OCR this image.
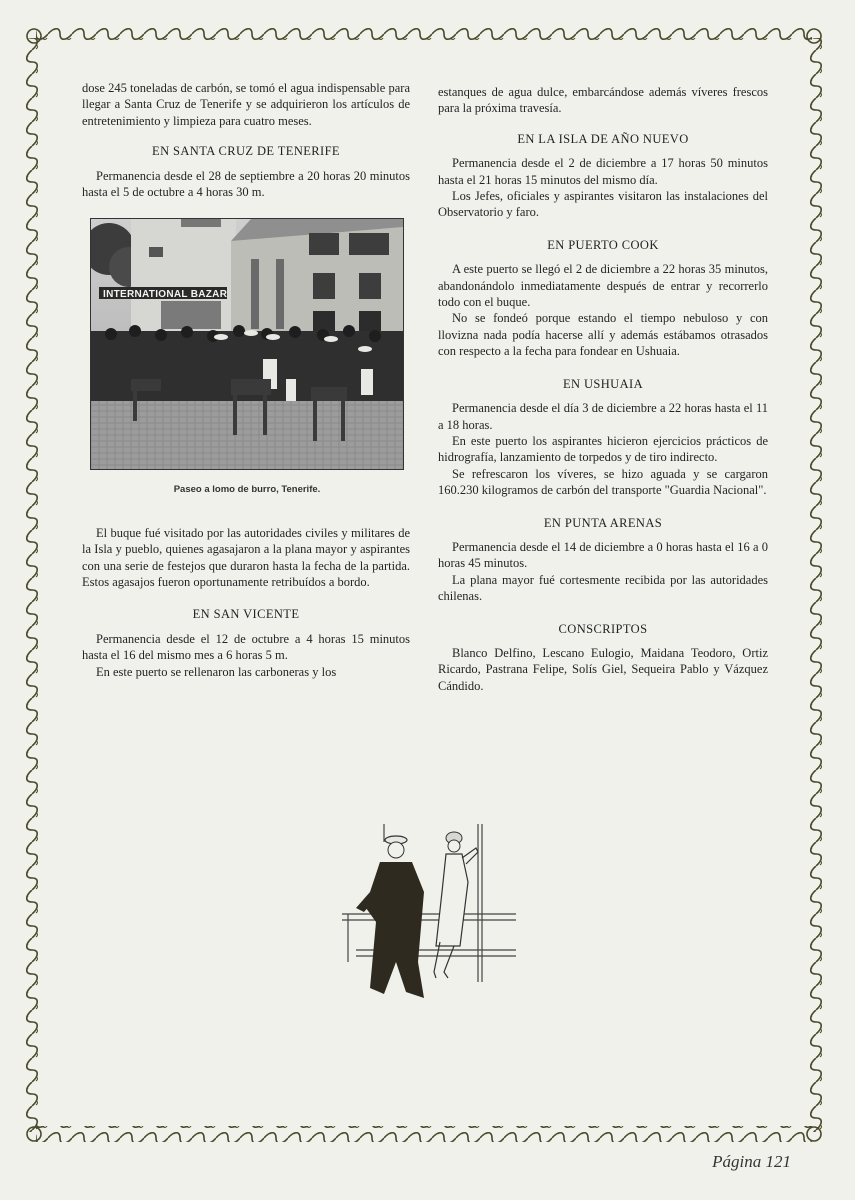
dose 245 toneladas de carbón, se tomó el agua indispensable para llegar a Santa Cruz de Tenerife y se adquirieron los artículos de entretenimiento y limpieza para cuatro meses.

EN SANTA CRUZ DE TENERIFE

Permanencia desde el 28 de septiembre a 20 horas 20 minutos hasta el 5 de octubre a 4 horas 30 m.

INTERNATIONAL BAZAR
Paseo a lomo de burro, Tenerife.

El buque fué visitado por las autoridades civiles y militares de la Isla y pueblo, quienes agasajaron a la plana mayor y aspirantes con una serie de festejos que duraron hasta la fecha de la partida. Estos agasajos fueron oportunamente retribuídos a bordo.

EN SAN VICENTE

Permanencia desde el 12 de octubre a 4 horas 15 minutos hasta el 16 del mismo mes a 6 horas 5 m.

En este puerto se rellenaron las carboneras y los

estanques de agua dulce, embarcándose además víveres frescos para la próxima travesía.

EN LA ISLA DE AÑO NUEVO

Permanencia desde el 2 de diciembre a 17 horas 50 minutos hasta el 21 horas 15 minutos del mismo día.

Los Jefes, oficiales y aspirantes visitaron las instalaciones del Observatorio y faro.

EN PUERTO COOK

A este puerto se llegó el 2 de diciembre a 22 horas 35 minutos, abandonándolo inmediatamente después de entrar y recorrerlo todo con el buque.

No se fondeó porque estando el tiempo nebuloso y con llovizna nada podía hacerse allí y además estábamos otrasados con respecto a la fecha para fondear en Ushuaia.

EN USHUAIA

Permanencia desde el día 3 de diciembre a 22 horas hasta el 11 a 18 horas.

En este puerto los aspirantes hicieron ejercicios prácticos de hidrografía, lanzamiento de torpedos y de tiro indirecto.

Se refrescaron los víveres, se hizo aguada y se cargaron 160.230 kilogramos de carbón del transporte "Guardia Nacional".

EN PUNTA ARENAS

Permanencia desde el 14 de diciembre a 0 horas hasta el 16 a 0 horas 45 minutos.

La plana mayor fué cortesmente recibida por las autoridades chilenas.

CONSCRIPTOS

Blanco Delfino, Lescano Eulogio, Maidana Teodoro, Ortiz Ricardo, Pastrana Felipe, Solís Giel, Sequeira Pablo y Vázquez Cándido.

Página 121
